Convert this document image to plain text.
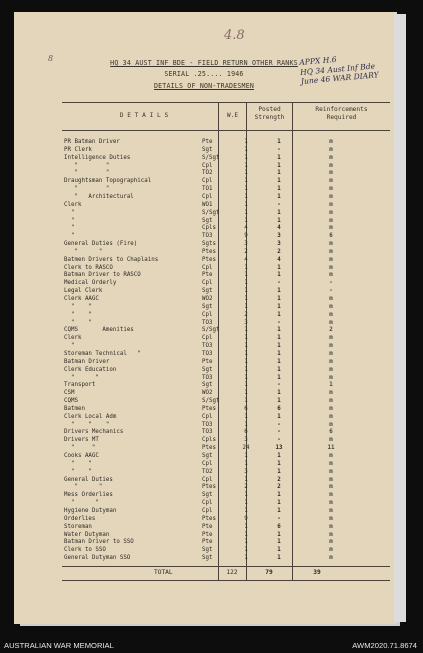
4.8
8	HQ 34 AUST INF BDE - FIELD RETURN OTHER RANKS
SERIAL .25.... 1946
DETAILS OF NON-TRADESMEN
APPX H.6
HQ 34 Aust Inf Bde
June 46 WAR DIARY
D E T A I L S	W.E
Posted
Strength
Reinforcements
Required
PR Batman Driver	Pte	1	1	m
PR Clerk	Sgt	1	-	m
Intelligence Duties	S/Sgt	1	1	m
"        "	Cpl	1	1	m
"        "	TO2	1	1	m
Draughtsman Topographical	Cpl	1	1	m
"        "	TO1	1	1	m
"   Architectural	Cpl	1	1	m
Clerk	WO1	1	-	m
"	S/Sgt	1	1	m
"	Sgt	1	1	m
"	Cpls	4	4	m
"	TO3	9	3	6
General Duties (Fire)	Sgts	3	3	m
"      "	Ptes	2	2	m
Batmen Drivers to Chaplains	Ptes	4	4	m
Clerk to RASCO	Cpl	1	1	m
Batman Driver to RASCO	Pte	1	1	m
Medical Orderly	Cpl	1	-	-
Legal Clerk	Sgt	1	1	-
Clerk AAGC	WO2	1	1	m
"    "	Sgt	1	1	m
"    "	Cpl	2	1	m
"    "	TO3	3	-	m
CQMS       Amenities	S/Sgt	1	1	2
Clerk	Cpl	1	1	m
"	TO3	1	1	m
Storeman Technical   "	TO3	1	1	m
Batman Driver	Pte	1	1	m
Clerk Education	Sgt	1	1	m
"      "	TO3	1	1	m
Transport	Sgt	1	-	1
CSM	WO2	1	1	m
CQMS	S/Sgt	1	1	m
Batmen	Ptes	6	6	m
Clerk Local Adm	Cpl	1	1	m
"    "    "	TO3	1	-	m
Drivers Mechanics	TO3	6	-	6
Drivers MT	Cpls	3	-	m
"     "	Ptes	24	13	11
Cooks AAGC	Sgt	1	1	m
"    "	Cpl	1	1	m
"    "	TO2	3	1	m
General Duties	Cpl	1	2	m
"      "	Ptes	2	2	m
Mess Orderlies	Sgt	1	1	m
"      "	Cpl	1	1	m
Hygiene Dutyman	Cpl	1	1	m
Orderlies	Ptes	9	-	m
Storeman	Pte	1	6	m
Water Dutyman	Pte	1	1	m
Batman Driver to SSO	Pte	1	1	m
Clerk to SSO	Sgt	1	1	m
General Dutyman SSO	Sgt	1	1	m
TOTAL	122	79	39
AUSTRALIAN WAR MEMORIAL	AWM2020.71.8674
